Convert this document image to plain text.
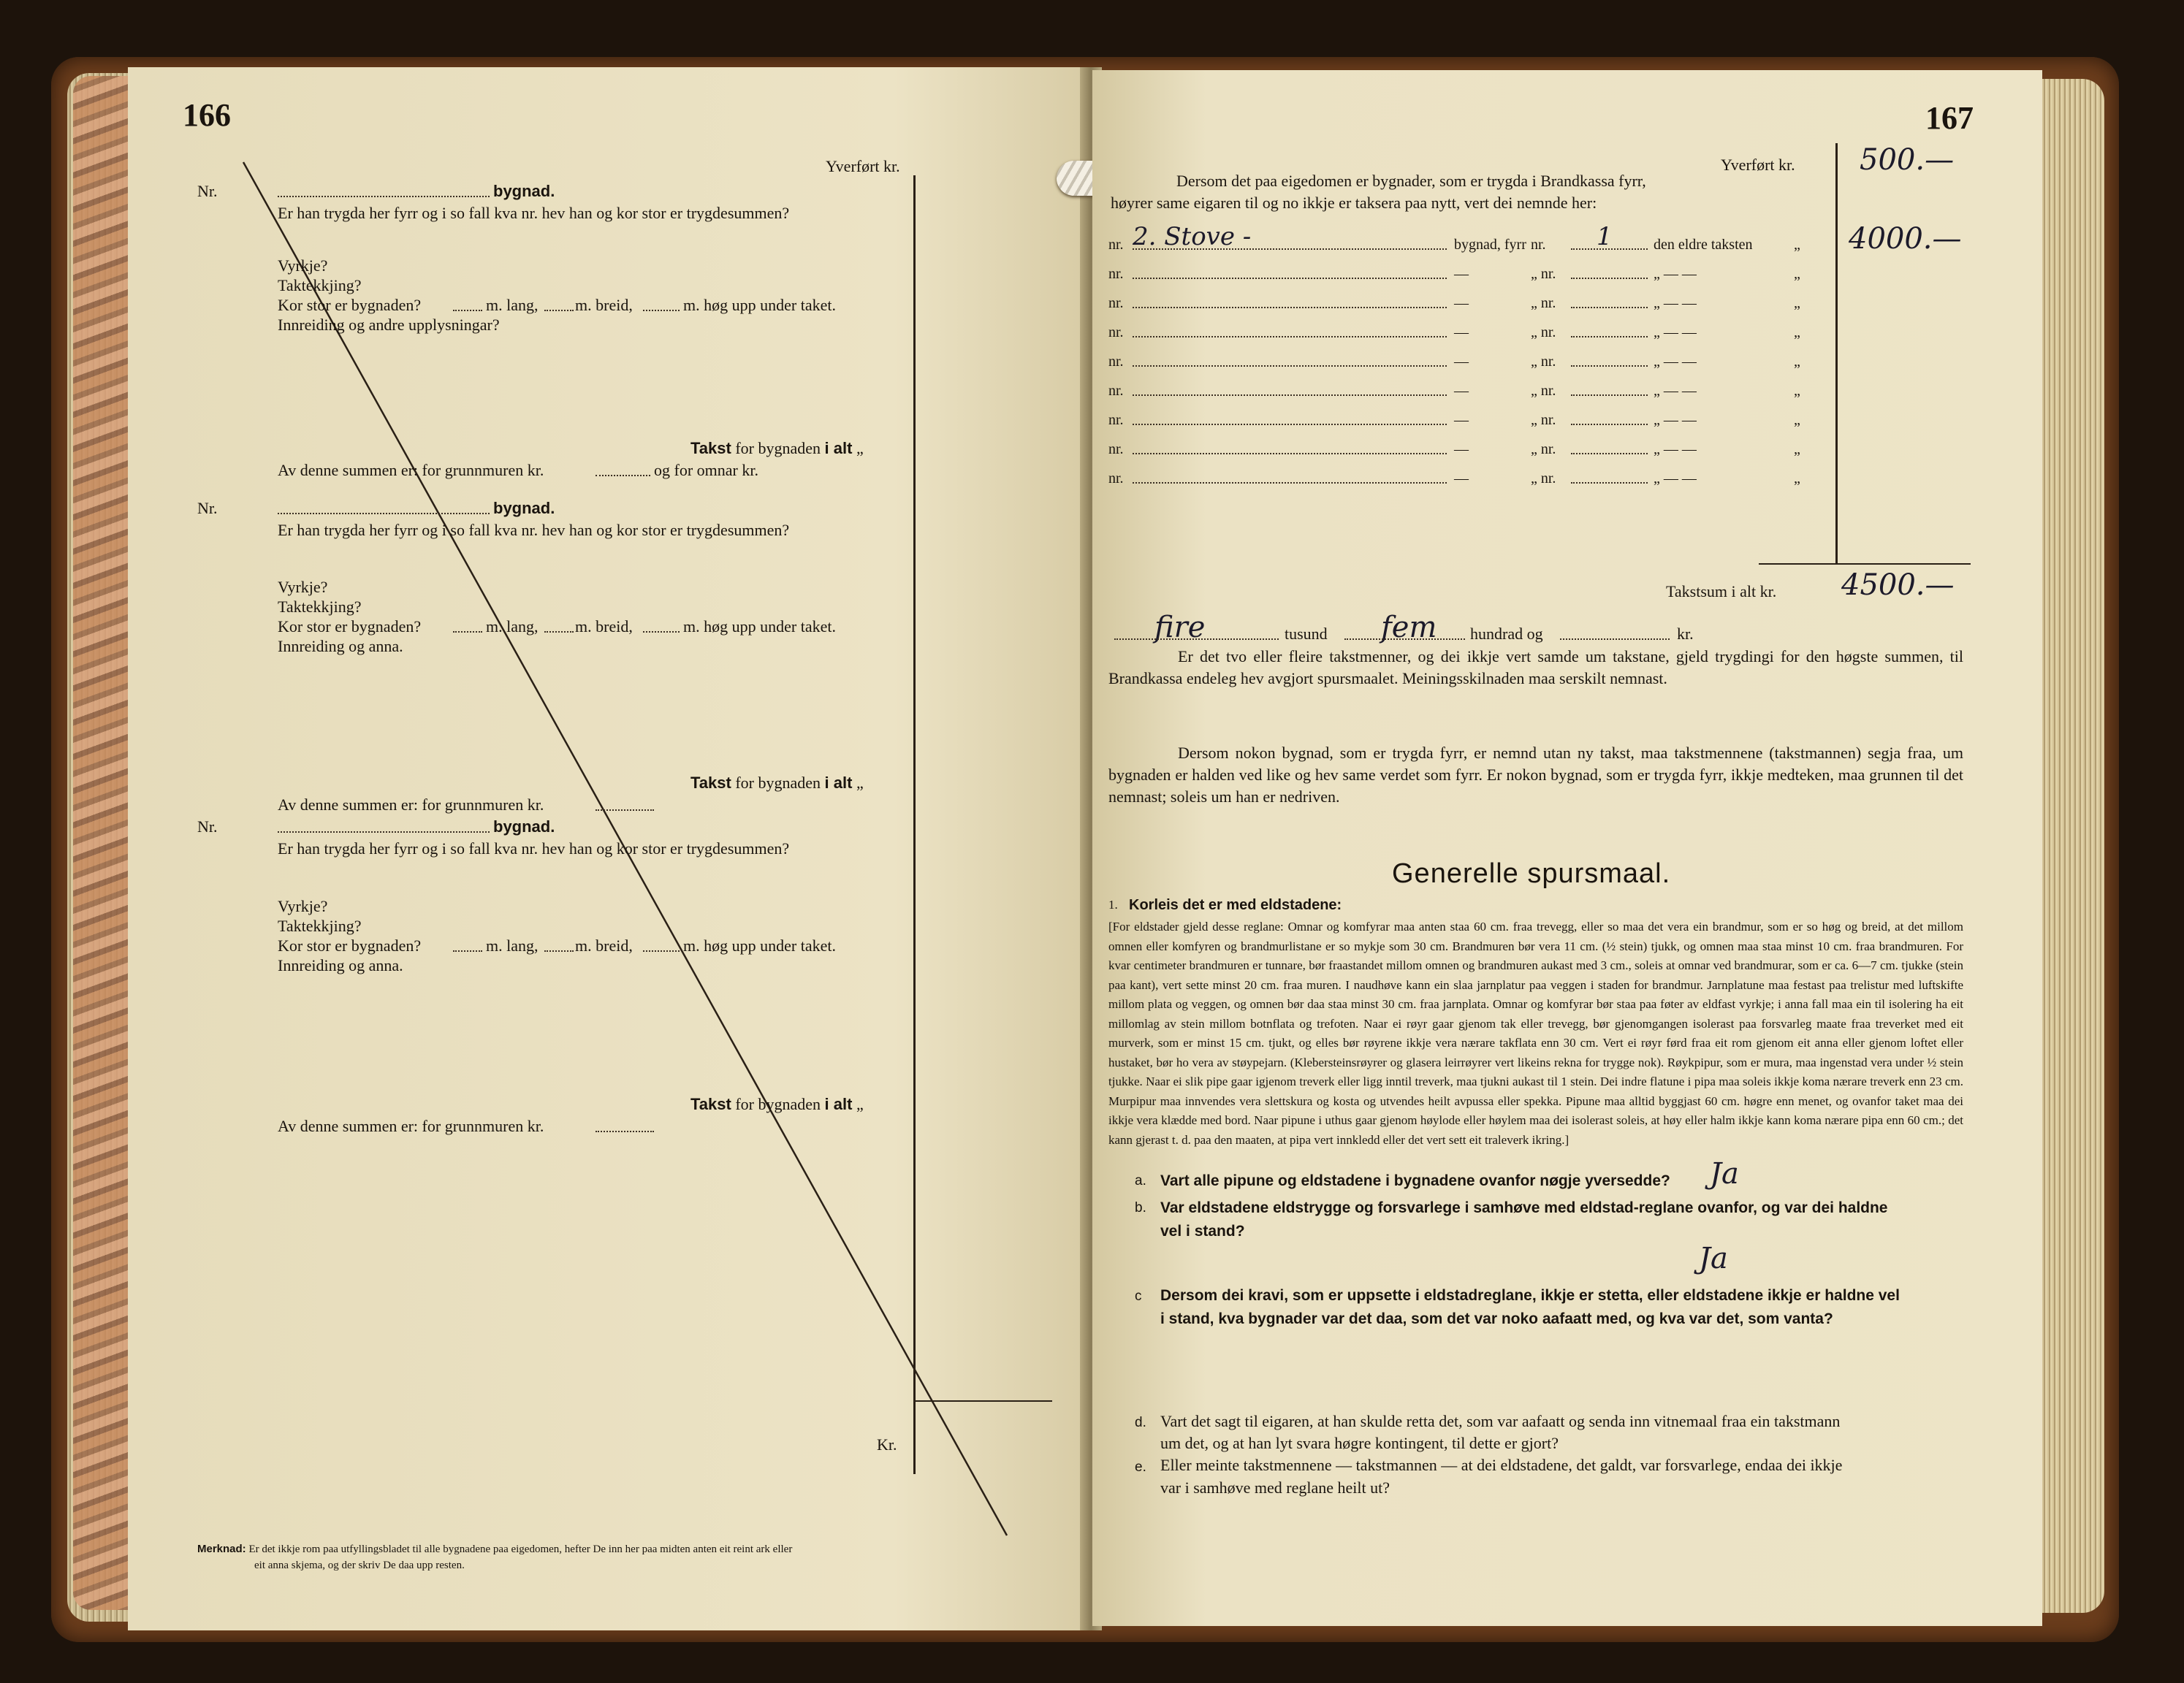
166
Yverført kr.
Nr.	bygnad.
Er han trygda her fyrr og i so fall kva nr. hev han og kor stor er trygdesummen?
Vyrkje?
Taktekkjing?
Kor stor er bygnaden?	m. lang, m. breid,	m. høg upp under taket.
Innreiding og andre upplysningar?
Takst for bygnaden i alt „
Av denne summen er: for grunnmuren kr.	og for omnar kr.
Nr.	bygnad.
Er han trygda her fyrr og i so fall kva nr. hev han og kor stor er trygdesummen?
Vyrkje?
Taktekkjing?
Kor stor er bygnaden?	m. lang, m. breid,	m. høg upp under taket.
Innreiding og anna.
Takst for bygnaden i alt „
Av denne summen er: for grunnmuren kr.
Nr.	bygnad.
Er han trygda her fyrr og i so fall kva nr. hev han og kor stor er trygdesummen?
Vyrkje?
Taktekkjing?
Kor stor er bygnaden?	m. lang, m. breid,	m. høg upp under taket.
Innreiding og anna.
Takst for bygnaden i alt „
Av denne summen er: for grunnmuren kr.
Kr.
Merknad: Er det ikkje rom paa utfyllingsbladet til alle bygnadene paa eigedomen, hefter De inn her paa midten anten eit reint ark eller
eit anna skjema, og der skriv De daa upp resten.
167
Yverført kr. 500.—
Dersom det paa eigedomen er bygnader, som er trygda i Brandkassa fyrr,
høyrer same eigaren til og no ikkje er taksera paa nytt, vert dei nemnde her:
nr. 2. Stove -	bygnad, fyrr nr. 1	den eldre taksten	„ 4000.—
nr.	—	„ nr.	„ — —	„
nr.	—	„ nr.	„ — —	„
nr.	—	„ nr.	„ — —	„
nr.	—	„ nr.	„ — —	„
nr.	—	„ nr.	„ — —	„
nr.	—	„ nr.	„ — —	„
nr.	—	„ nr.	„ — —	„
nr.	—	„ nr.	„ — —	„
Takstsum i alt kr. 4500.—
fire	tusund fem hundrad og	kr.
Er det tvo eller fleire takstmenner, og dei ikkje vert samde um takstane, gjeld trygdingi for den høgste summen, til Brandkassa endeleg hev avgjort spursmaalet. Meiningsskilnaden maa serskilt nemnast.
Dersom nokon bygnad, som er trygda fyrr, er nemnd utan ny takst, maa takstmennene (takstmannen) segja fraa, um bygnaden er halden ved like og hev same verdet som fyrr. Er nokon bygnad, som er trygda fyrr, ikkje medteken, maa grunnen til det nemnast; soleis um han er nedriven.
Generelle spursmaal.
1. Korleis det er med eldstadene:
[For eldstader gjeld desse reglane: Omnar og komfyrar maa anten staa 60 cm. fraa trevegg, eller so maa det vera ein brandmur, som er so høg og breid, at det millom omnen eller komfyren og brandmurlistane er so mykje som 30 cm. Brandmuren bør vera 11 cm. (½ stein) tjukk, og omnen maa staa minst 10 cm. fraa brandmuren. For kvar centimeter brandmuren er tunnare, bør fraastandet millom omnen og brandmuren aukast med 3 cm., soleis at omnar ved brandmurar, som er ca. 6—7 cm. tjukke (stein paa kant), vert sette minst 20 cm. fraa muren. I naudhøve kann ein slaa jarnplatur paa veggen i staden for brandmur. Jarnplatune maa festast paa trelistur med luftskifte millom plata og veggen, og omnen bør daa staa minst 30 cm. fraa jarnplata. Omnar og komfyrar bør staa paa føter av eldfast vyrkje; i anna fall maa ein til isolering ha eit millomlag av stein millom botnflata og trefoten. Naar ei røyr gaar gjenom tak eller trevegg, bør gjenomgangen isolerast paa forsvarleg maate fraa treverket med eit murverk, som er minst 15 cm. tjukt, og elles bør røyrene ikkje vera nærare takflata enn 30 cm. Vert ei røyr førd fraa eit rom gjenom eit anna eller gjenom loftet eller hustaket, bør ho vera av støypejarn. (Klebersteinsrøyrer og glasera leirrøyrer vert likeins rekna for trygge nok). Røykpipur, som er mura, maa ingenstad vera under ½ stein tjukke. Naar ei slik pipe gaar igjenom treverk eller ligg inntil treverk, maa tjukni aukast til 1 stein. Dei indre flatune i pipa maa soleis ikkje koma nærare treverk enn 23 cm. Murpipur maa innvendes vera slettskura og kosta og utvendes heilt avpussa eller spekka. Pipune maa alltid byggjast 60 cm. høgre enn menet, og ovanfor taket maa dei ikkje vera klædde med bord. Naar pipune i uthus gaar gjenom høylode eller høylem maa dei isolerast soleis, at høy eller halm ikkje kann koma nærare pipa enn 60 cm.; det kann gjerast t. d. paa den maaten, at pipa vert innkledd eller det vert sett eit traleverk ikring.]
a. Vart alle pipune og eldstadene i bygnadene ovanfor nøgje yversedde? Ja
b. Var eldstadene eldstrygge og forsvarlege i samhøve med eldstad-reglane ovanfor, og var dei haldne
vel i stand?
Ja
c Dersom dei kravi, som er uppsette i eldstadreglane, ikkje er stetta, eller eldstadene ikkje er haldne vel
i stand, kva bygnader var det daa, som det var noko aafaatt med, og kva var det, som vanta?
d. Vart det sagt til eigaren, at han skulde retta det, som var aafaatt og senda inn vitnemaal fraa ein takstmann
um det, og at han lyt svara høgre kontingent, til dette er gjort?
e. Eller meinte takstmennene — takstmannen — at dei eldstadene, det galdt, var forsvarlege, endaa dei ikkje
var i samhøve med reglane heilt ut?
